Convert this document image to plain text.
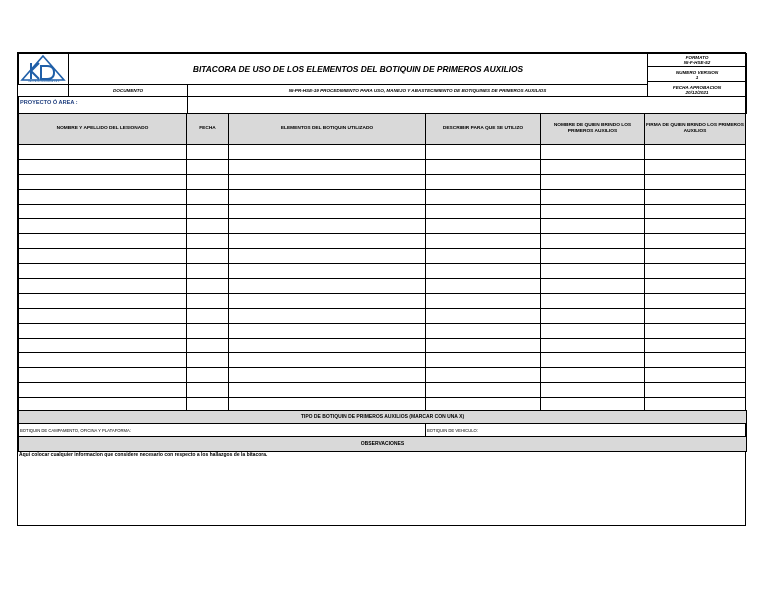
KALLPA DE INGENIERIA S.A.S.
BITACORA DE USO DE LOS ELEMENTOS DEL BOTIQUIN DE PRIMEROS AUXILIOS
FORMATO
NI-F-HSE-52
NUMERO VERSION
1
FECHA APROBACION
20/12/2021
DOCUMENTO	NI-PR-HSE-19 PROCEDIMIENTO PARA USO, MANEJO Y ABASTECIMIENTO DE BOTIQUINES DE PRIMEROS AUXILIOS
PROYECTO Ó AREA :
NOMBRE Y APELLIDO DEL LESIONADO	FECHA	ELEMENTOS DEL BOTIQUIN UTILIZADO	DESCRIBIR PARA QUE SE UTILIZO	NOMBRE DE QUIEN BRINDO LOS PRIMEROS AUXILIOS	FIRMA DE QUIEN BRINDO LOS PRIMEROS AUXILIOS

TIPO DE BOTIQUIN DE PRIMEROS AUXILIOS (MARCAR CON UNA X)
BOTIQUIN DE CAMPAMENTO, OFICINA Y PLATAFORMA:	BOTIQUIN DE VEHICULO:
OBSERVACIONES
Aqui colocar cualquier informacion que considere necesario con respecto a los hallazgos de la bitacora.
